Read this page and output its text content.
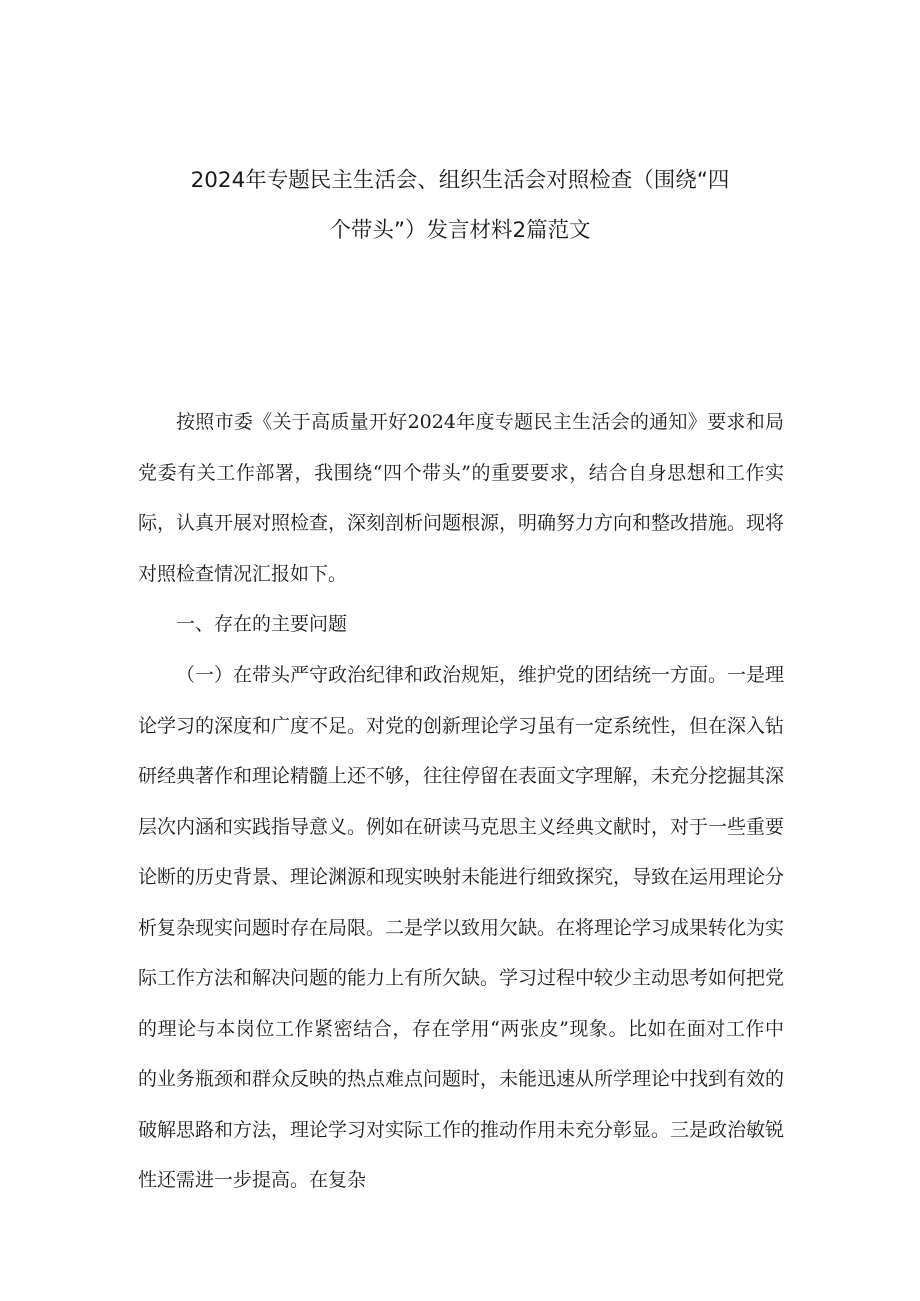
2024年专题民主生活会、组织生活会对照检查（围绕“四
个带头”）发言材料2篇范文

按照市委《关于高质量开好2024年度专题民主生活会的通知》要求和局党委有关工作部署，我围绕“四个带头”的重要要求，结合自身思想和工作实际，认真开展对照检查，深刻剖析问题根源，明确努力方向和整改措施。现将对照检查情况汇报如下。

一、存在的主要问题

（一）在带头严守政治纪律和政治规矩，维护党的团结统一方面。一是理论学习的深度和广度不足。对党的创新理论学习虽有一定系统性，但在深入钻研经典著作和理论精髓上还不够，往往停留在表面文字理解，未充分挖掘其深层次内涵和实践指导意义。例如在研读马克思主义经典文献时，对于一些重要论断的历史背景、理论渊源和现实映射未能进行细致探究，导致在运用理论分析复杂现实问题时存在局限。二是学以致用欠缺。在将理论学习成果转化为实际工作方法和解决问题的能力上有所欠缺。学习过程中较少主动思考如何把党的理论与本岗位工作紧密结合，存在学用“两张皮”现象。比如在面对工作中的业务瓶颈和群众反映的热点难点问题时，未能迅速从所学理论中找到有效的破解思路和方法，理论学习对实际工作的推动作用未充分彰显。三是政治敏锐性还需进一步提高。在复杂
